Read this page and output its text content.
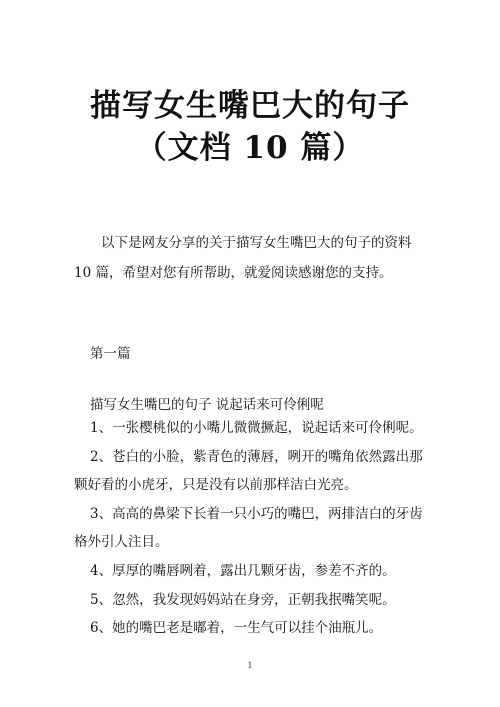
描写女生嘴巴大的句子
（文档 10 篇）
以下是网友分享的关于描写女生嘴巴大的句子的资料 10 篇，希望对您有所帮助，就爱阅读感谢您的支持。
第一篇
描写女生嘴巴的句子 说起话来可伶俐呢

1、一张樱桃似的小嘴儿微微撅起，说起话来可伶俐呢。

2、苍白的小脸，紫青色的薄唇，咧开的嘴角依然露出那颗好看的小虎牙，只是没有以前那样洁白光亮。

3、高高的鼻梁下长着一只小巧的嘴巴，两排洁白的牙齿格外引人注目。

4、厚厚的嘴唇咧着，露出几颗牙齿，参差不齐的。

5、忽然，我发现妈妈站在身旁，正朝我抿嘴笑呢。

6、她的嘴巴老是嘟着，一生气可以挂个油瓶儿。

1
